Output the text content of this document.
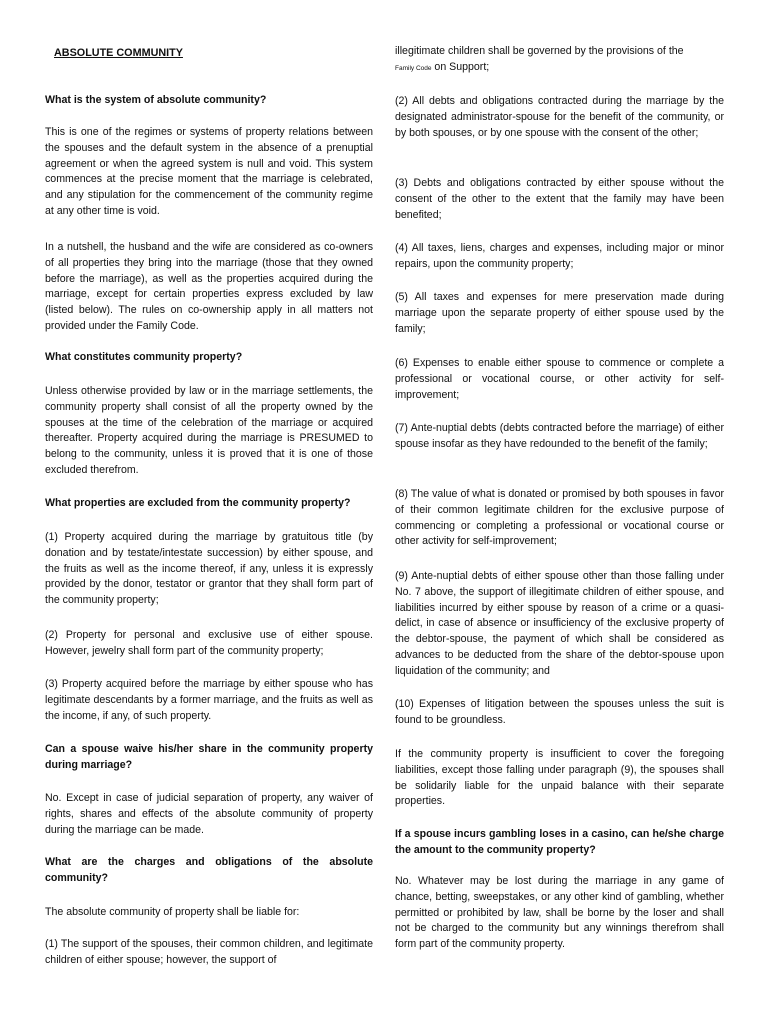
ABSOLUTE COMMUNITY
What is the system of absolute community?

This is one of the regimes or systems of property relations between the spouses and the default system in the absence of a prenuptial agreement or when the agreed system is null and void. This system commences at the precise moment that the marriage is celebrated, and any stipulation for the commencement of the community regime at any other time is void.

In a nutshell, the husband and the wife are considered as co-owners of all properties they bring into the marriage (those that they owned before the marriage), as well as the properties acquired during the marriage, except for certain properties express excluded by law (listed below). The rules on co-ownership apply in all matters not provided under the Family Code.

What constitutes community property?

Unless otherwise provided by law or in the marriage settlements, the community property shall consist of all the property owned by the spouses at the time of the celebration of the marriage or acquired thereafter. Property acquired during the marriage is PRESUMED to belong to the community, unless it is proved that it is one of those excluded therefrom.

What properties are excluded from the community property?

(1) Property acquired during the marriage by gratuitous title (by donation and by testate/intestate succession) by either spouse, and the fruits as well as the income thereof, if any, unless it is expressly provided by the donor, testator or grantor that they shall form part of the community property;

(2) Property for personal and exclusive use of either spouse. However, jewelry shall form part of the community property;

(3) Property acquired before the marriage by either spouse who has legitimate descendants by a former marriage, and the fruits as well as the income, if any, of such property.

Can a spouse waive his/her share in the community property during marriage?

No. Except in case of judicial separation of property, any waiver of rights, shares and effects of the absolute community of property during the marriage can be made.

What are the charges and obligations of the absolute community?

The absolute community of property shall be liable for:

(1) The support of the spouses, their common children, and legitimate children of either spouse; however, the support of

illegitimate children shall be governed by the provisions of the
Family Code on Support;

(2) All debts and obligations contracted during the marriage by the designated administrator-spouse for the benefit of the community, or by both spouses, or by one spouse with the consent of the other;

(3) Debts and obligations contracted by either spouse without the consent of the other to the extent that the family may have been benefited;

(4) All taxes, liens, charges and expenses, including major or minor repairs, upon the community property;

(5) All taxes and expenses for mere preservation made during marriage upon the separate property of either spouse used by the family;

(6) Expenses to enable either spouse to commence or complete a professional or vocational course, or other activity for self-improvement;

(7) Ante-nuptial debts (debts contracted before the marriage) of either spouse insofar as they have redounded to the benefit of the family;

(8) The value of what is donated or promised by both spouses in favor of their common legitimate children for the exclusive purpose of commencing or completing a professional or vocational course or other activity for self-improvement;

(9) Ante-nuptial debts of either spouse other than those falling under No. 7 above, the support of illegitimate children of either spouse, and liabilities incurred by either spouse by reason of a crime or a quasi-delict, in case of absence or insufficiency of the exclusive property of the debtor-spouse, the payment of which shall be considered as advances to be deducted from the share of the debtor-spouse upon liquidation of the community; and

(10) Expenses of litigation between the spouses unless the suit is found to be groundless.

If the community property is insufficient to cover the foregoing liabilities, except those falling under paragraph (9), the spouses shall be solidarily liable for the unpaid balance with their separate properties.

If a spouse incurs gambling loses in a casino, can he/she charge the amount to the community property?

No. Whatever may be lost during the marriage in any game of chance, betting, sweepstakes, or any other kind of gambling, whether permitted or prohibited by law, shall be borne by the loser and shall not be charged to the community but any winnings therefrom shall form part of the community property.
